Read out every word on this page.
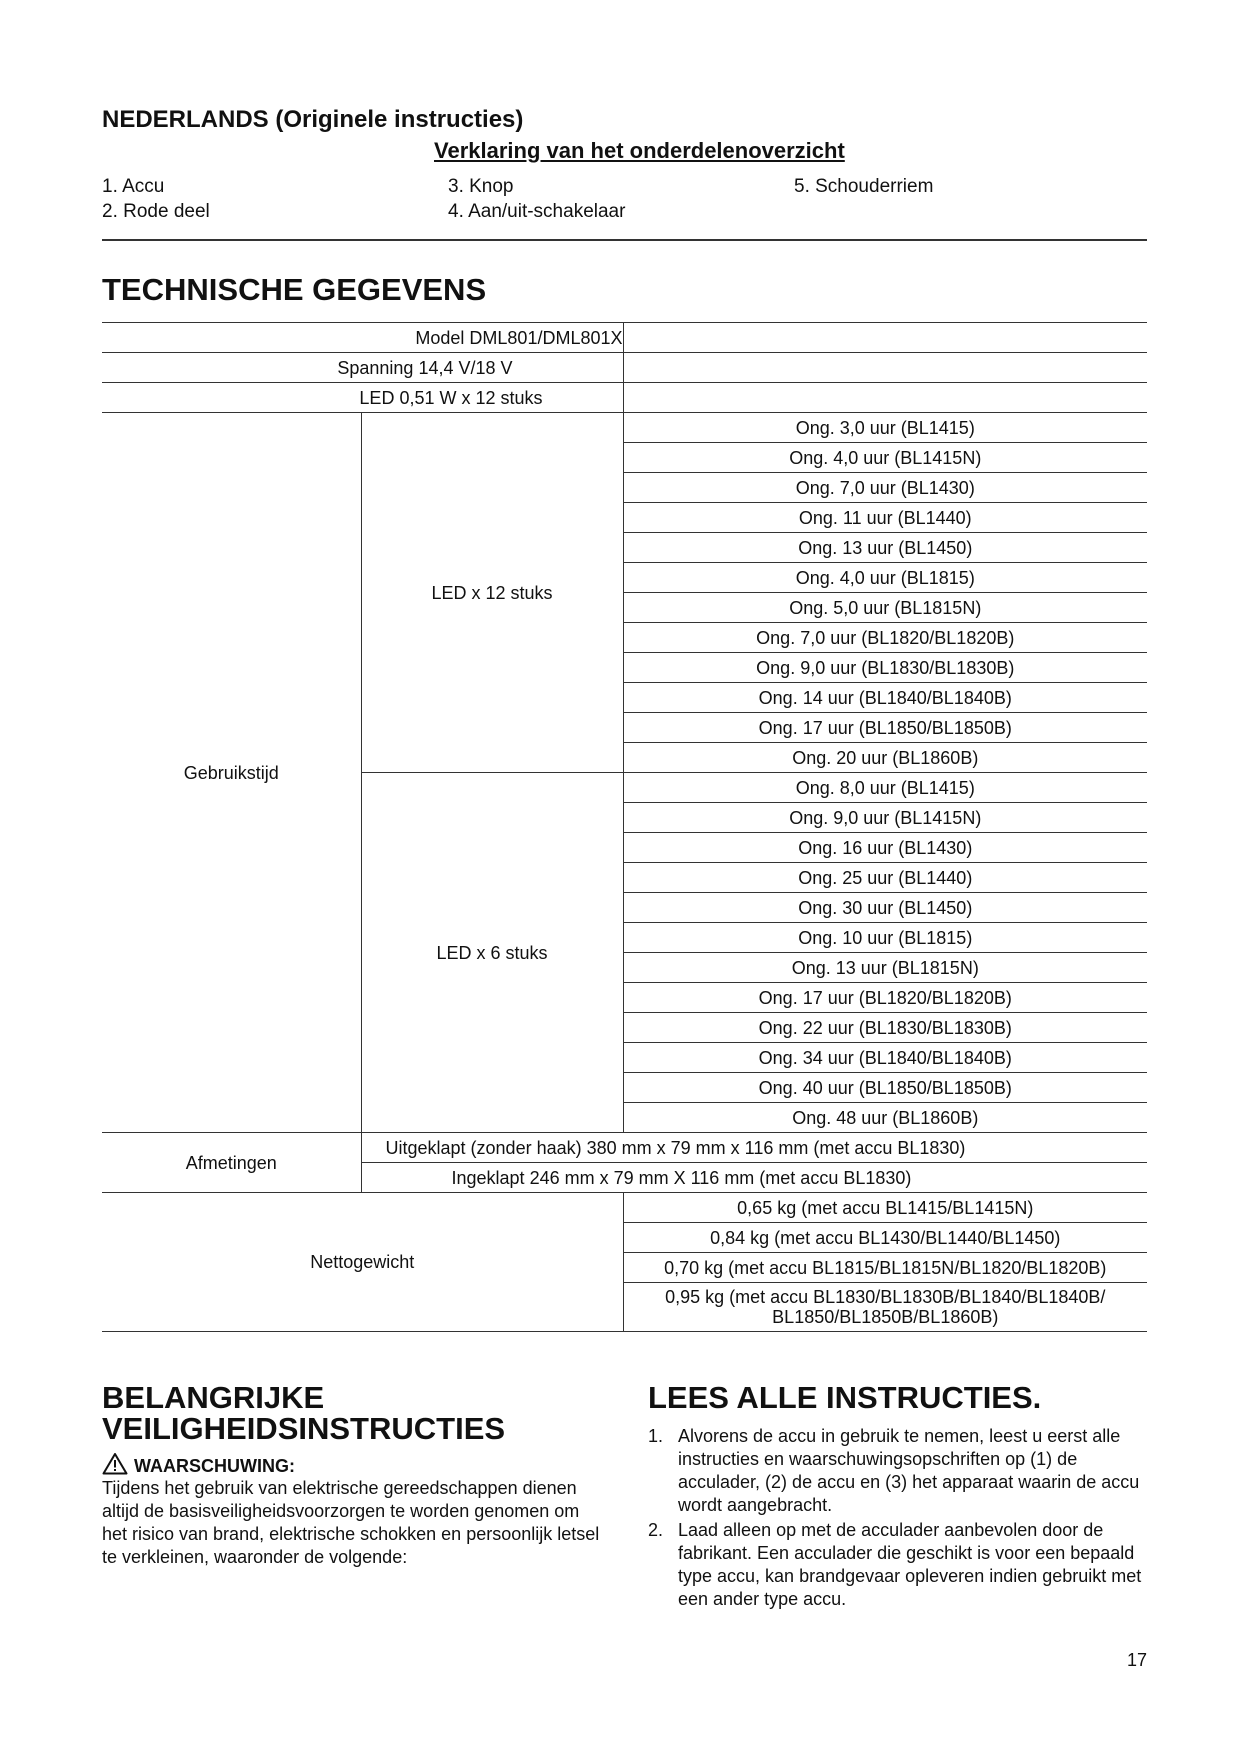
NEDERLANDS (Originele instructies)
Verklaring van het onderdelenoverzicht
1. Accu
2. Rode deel
3. Knop
4. Aan/uit-schakelaar
5. Schouderriem
TECHNISCHE GEGEVENS
Model DML801/DML801X		
Spanning 14,4 V/18 V		
LED 0,51 W x 12 stuks		
Gebruikstijd	LED x 12 stuks	Ong. 3,0 uur (BL1415)
		Ong. 4,0 uur (BL1415N)
		Ong. 7,0 uur (BL1430)
		Ong. 11 uur (BL1440)
		Ong. 13 uur (BL1450)
		Ong. 4,0 uur (BL1815)
		Ong. 5,0 uur (BL1815N)
		Ong. 7,0 uur (BL1820/BL1820B)
		Ong. 9,0 uur (BL1830/BL1830B)
		Ong. 14 uur (BL1840/BL1840B)
		Ong. 17 uur (BL1850/BL1850B)
		Ong. 20 uur (BL1860B)
	LED x 6 stuks	Ong. 8,0 uur (BL1415)
		Ong. 9,0 uur (BL1415N)
		Ong. 16 uur (BL1430)
		Ong. 25 uur (BL1440)
		Ong. 30 uur (BL1450)
		Ong. 10 uur (BL1815)
		Ong. 13 uur (BL1815N)
		Ong. 17 uur (BL1820/BL1820B)
		Ong. 22 uur (BL1830/BL1830B)
		Ong. 34 uur (BL1840/BL1840B)
		Ong. 40 uur (BL1850/BL1850B)
		Ong. 48 uur (BL1860B)
Afmetingen	Uitgeklapt (zonder haak) 380 mm x 79 mm x 116 mm (met accu BL1830)	
	Ingeklapt 246 mm x 79 mm X 116 mm (met accu BL1830)	
Nettogewicht		0,65 kg (met accu BL1415/BL1415N)
		0,84 kg (met accu BL1430/BL1440/BL1450)
		0,70 kg (met accu BL1815/BL1815N/BL1820/BL1820B)
		0,95 kg (met accu BL1830/BL1830B/BL1840/BL1840B/ BL1850/BL1850B/BL1860B)
BELANGRIJKE
VEILIGHEIDSINSTRUCTIES
WAARSCHUWING:
Tijdens het gebruik van elektrische gereedschappen dienen altijd de basisveiligheidsvoorzorgen te worden genomen om het risico van brand, elektrische schokken en persoonlijk letsel te verkleinen, waaronder de volgende:
LEES ALLE INSTRUCTIES.
1. Alvorens de accu in gebruik te nemen, leest u eerst alle instructies en waarschuwingsopschriften op (1) de acculader, (2) de accu en (3) het apparaat waarin de accu wordt aangebracht.
2. Laad alleen op met de acculader aanbevolen door de fabrikant. Een acculader die geschikt is voor een bepaald type accu, kan brandgevaar opleveren indien gebruikt met een ander type accu.
17
